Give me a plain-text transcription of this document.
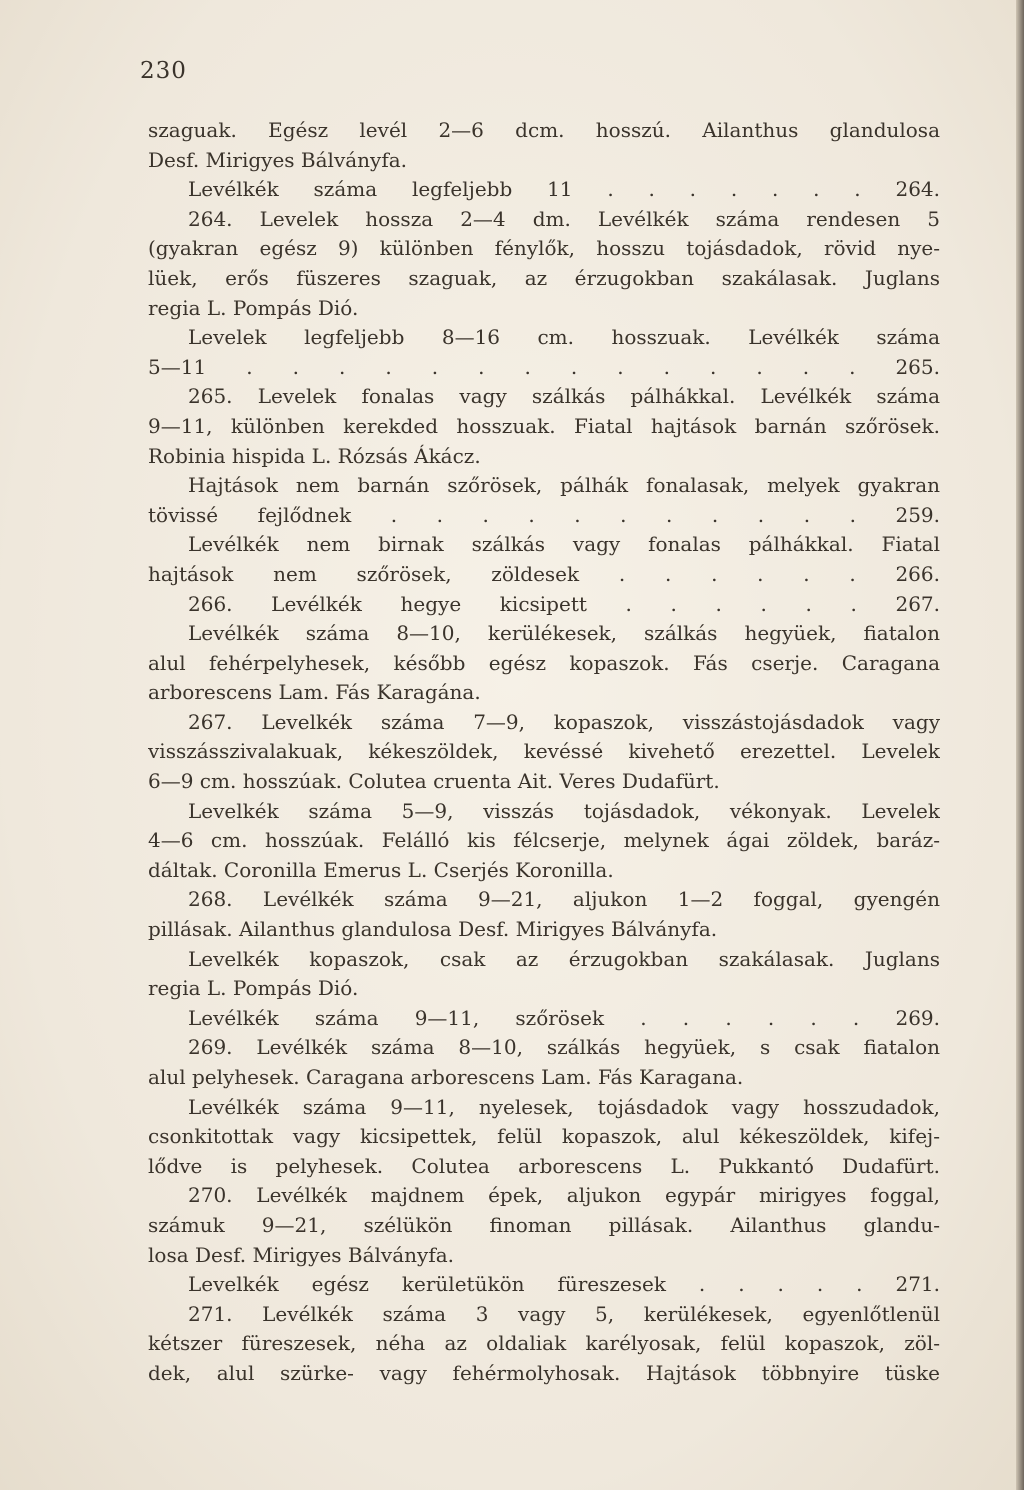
230
szaguak. Egész levél 2—6 dcm. hosszú. Ailanthus glandulosa
Desf. Mirigyes Bálványfa.
  Levélkék száma legfeljebb 11 . . . . . . . 264.
  264. Levelek hossza 2—4 dm. Levélkék száma rendesen 5
(gyakran egész 9) különben fénylők, hosszu tojásdadok, rövid nye-
lüek, erős füszeres szaguak, az érzugokban szakálasak. Juglans
regia L. Pompás Dió.
  Levelek legfeljebb 8—16 cm. hosszuak. Levélkék száma
5—11 . . . . . . . . . . . . . . 265.
  265. Levelek fonalas vagy szálkás pálhákkal. Levélkék száma
9—11, különben kerekded hosszuak. Fiatal hajtások barnán szőrösek.
Robinia hispida L. Rózsás Ákácz.
  Hajtások nem barnán szőrösek, pálhák fonalasak, melyek gyakran
tövissé fejlődnek . . . . . . . . . . . 259.
  Levélkék nem birnak szálkás vagy fonalas pálhákkal. Fiatal
hajtások nem szőrösek, zöldesek . . . . . . 266.
  266. Levélkék hegye kicsipett . . . . . . 267.
  Levélkék száma 8—10, kerülékesek, szálkás hegyüek, fiatalon
alul fehérpelyhesek, később egész kopaszok. Fás cserje. Caragana
arborescens Lam. Fás Karagána.
  267. Levelkék száma 7—9, kopaszok, visszástojásdadok vagy
visszásszivalakuak, kékeszöldek, kevéssé kivehető erezettel. Levelek
6—9 cm. hosszúak. Colutea cruenta Ait. Veres Dudafürt.
  Levelkék száma 5—9, visszás tojásdadok, vékonyak. Levelek
4—6 cm. hosszúak. Felálló kis félcserje, melynek ágai zöldek, baráz-
dáltak. Coronilla Emerus L. Cserjés Koronilla.
  268. Levélkék száma 9—21, aljukon 1—2 foggal, gyengén
pillásak. Ailanthus glandulosa Desf. Mirigyes Bálványfa.
  Levelkék kopaszok, csak az érzugokban szakálasak. Juglans
regia L. Pompás Dió.
  Levélkék száma 9—11, szőrösek . . . . . . 269.
  269. Levélkék száma 8—10, szálkás hegyüek, s csak fiatalon
alul pelyhesek. Caragana arborescens Lam. Fás Karagana.
  Levélkék száma 9—11, nyelesek, tojásdadok vagy hosszudadok,
csonkitottak vagy kicsipettek, felül kopaszok, alul kékeszöldek, kifej-
lődve is pelyhesek. Colutea arborescens L. Pukkantó Dudafürt.
  270. Levélkék majdnem épek, aljukon egypár mirigyes foggal,
számuk 9—21, szélükön finoman pillásak. Ailanthus glandu-
losa Desf. Mirigyes Bálványfa.
  Levelkék egész kerületükön füreszesek . . . . . 271.
  271. Levélkék száma 3 vagy 5, kerülékesek, egyenlőtlenül
kétszer füreszesek, néha az oldaliak karélyosak, felül kopaszok, zöl-
dek, alul szürke- vagy fehérmolyhosak. Hajtások többnyire tüske
